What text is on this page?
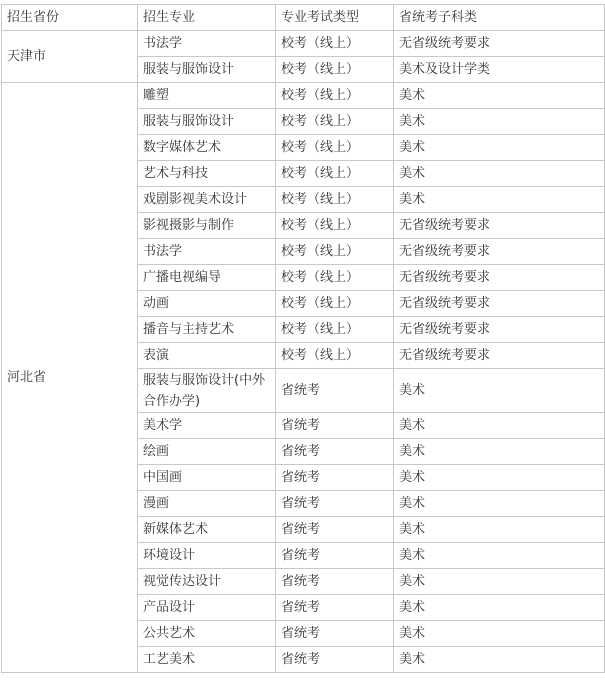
招生省份	招生专业	专业考试类型	省统考子科类
天津市	书法学	校考（线上）	无省级统考要求
	服装与服饰设计	校考（线上）	美术及设计学类
河北省	雕塑	校考（线上）	美术
	服装与服饰设计	校考（线上）	美术
	数字媒体艺术	校考（线上）	美术
	艺术与科技	校考（线上）	美术
	戏剧影视美术设计	校考（线上）	美术
	影视摄影与制作	校考（线上）	无省级统考要求
	书法学	校考（线上）	无省级统考要求
	广播电视编导	校考（线上）	无省级统考要求
	动画	校考（线上）	无省级统考要求
	播音与主持艺术	校考（线上）	无省级统考要求
	表演	校考（线上）	无省级统考要求
	服装与服饰设计(中外合作办学)	省统考	美术
	美术学	省统考	美术
	绘画	省统考	美术
	中国画	省统考	美术
	漫画	省统考	美术
	新媒体艺术	省统考	美术
	环境设计	省统考	美术
	视觉传达设计	省统考	美术
	产品设计	省统考	美术
	公共艺术	省统考	美术
	工艺美术	省统考	美术
